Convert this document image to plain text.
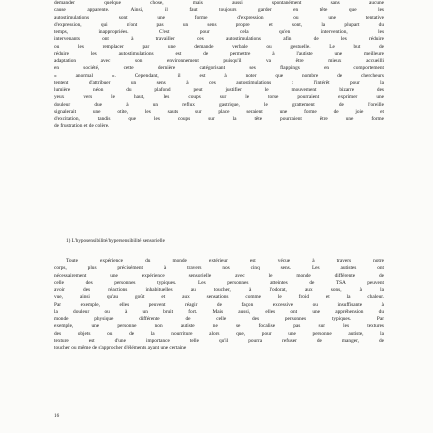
demander quelque chose, mais aussi spontanément sans aucune
cause apparente. Ainsi, il faut toujours garder en tête que les
autostimulations sont une forme d'expression ou une tentative
d'expression, qui n'ont pas un sens propre et sont, la plupart du
temps, inappropriées. C'est pour cela qu'en intervention, les
intervenants ont à travailler ces autostimulations afin de les réduire
ou les remplacer par une demande verbale ou gestuelle. Le but de
réduire les autostimulations est de permettre à l'autiste une meilleure
adaptation avec son environnement puisqu'il va être mieux accueilli
en société, cette dernière catégorisant ses flappings en comportement
« anormal ». Cependant, il est à noter que nombre de chercheurs
tentent d'attribuer un sens à ces autostimulations : l'intérêt pour la
lumière néon du plafond peut justifier le mouvement bizarre des
yeux vers le haut, les coups sur le torse pourraient exprimer une
douleur due à un reflux gastrique, le grattement de l'oreille
signalerait une otite, les sauts sur place seraient une forme de joie et
d'excitation, tandis que les coups sur la tête pourraient être une forme
de frustration et de colère.
1) L'hyposensibilité/hypersensibilité sensorielle
Toute expérience du monde extérieur est vécue à travers notre
corps, plus précisément à travers nos cinq sens. Les autistes ont
nécessairement une expérience sensorielle avec le monde différente de
celle des personnes typiques. Les personnes atteintes de TSA peuvent
avoir des réactions inhabituelles au toucher, à l'odorat, aux sons, à la
vue, ainsi qu'au goût et aux sensations comme le froid et la chaleur.
Par exemple, elles peuvent réagir de façon excessive ou insuffisante à
la douleur ou à un bruit fort. Mais aussi, elles ont une appréhension du
monde physique différente de celle des personnes typiques. Par
exemple, une personne non autiste ne se focalise pas sur les textures
des objets ou de la nourriture alors que, pour une personne autiste, la
texture est d'une importance telle qu'il pourra refuser de manger, de
toucher ou même de s'approcher d'éléments ayant une certaine
16
